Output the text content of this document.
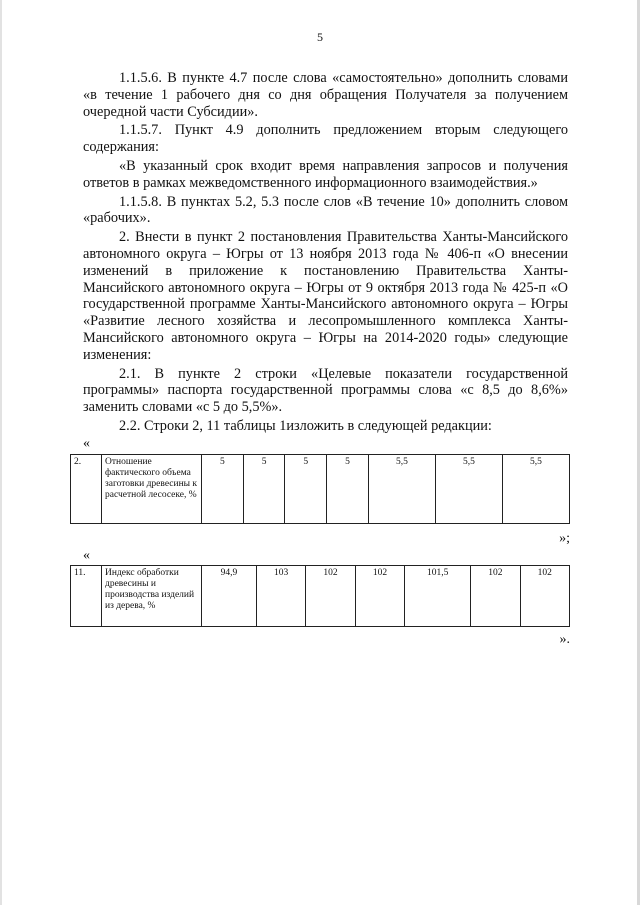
5

1.1.5.6. В пункте 4.7 после слова «самостоятельно» дополнить словами «в течение 1 рабочего дня со дня обращения Получателя за получением очередной части Субсидии».

1.1.5.7. Пункт 4.9 дополнить предложением вторым следующего содержания:

«В указанный срок входит время направления запросов и получения ответов в рамках межведомственного информационного взаимодействия.»

1.1.5.8. В пунктах 5.2, 5.3 после слов «В течение 10» дополнить словом «рабочих».

2. Внести в пункт 2 постановления Правительства Ханты-Мансийского автономного округа – Югры от 13 ноября 2013 года № 406-п «О внесении изменений в приложение к постановлению Правительства Ханты-Мансийского автономного округа – Югры от 9 октября 2013 года № 425-п «О государственной программе Ханты-Мансийского автономного округа – Югры «Развитие лесного хозяйства и лесопромышленного комплекса Ханты-Мансийского автономного округа – Югры на 2014-2020 годы» следующие изменения:

2.1. В пункте 2 строки «Целевые показатели государственной программы» паспорта государственной программы слова «с 8,5 до 8,6%» заменить словами «с 5 до 5,5%».

2.2. Строки 2, 11 таблицы 1изложить в следующей редакции:

«
2.	Отношение фактического объема заготовки древесины к расчетной лесосеке, %	5	5	5	5	5,5	5,5	5,5
»;
«
11.	Индекс обработки древесины и производства изделий из дерева, %	94,9	103	102	102	101,5	102	102
».
